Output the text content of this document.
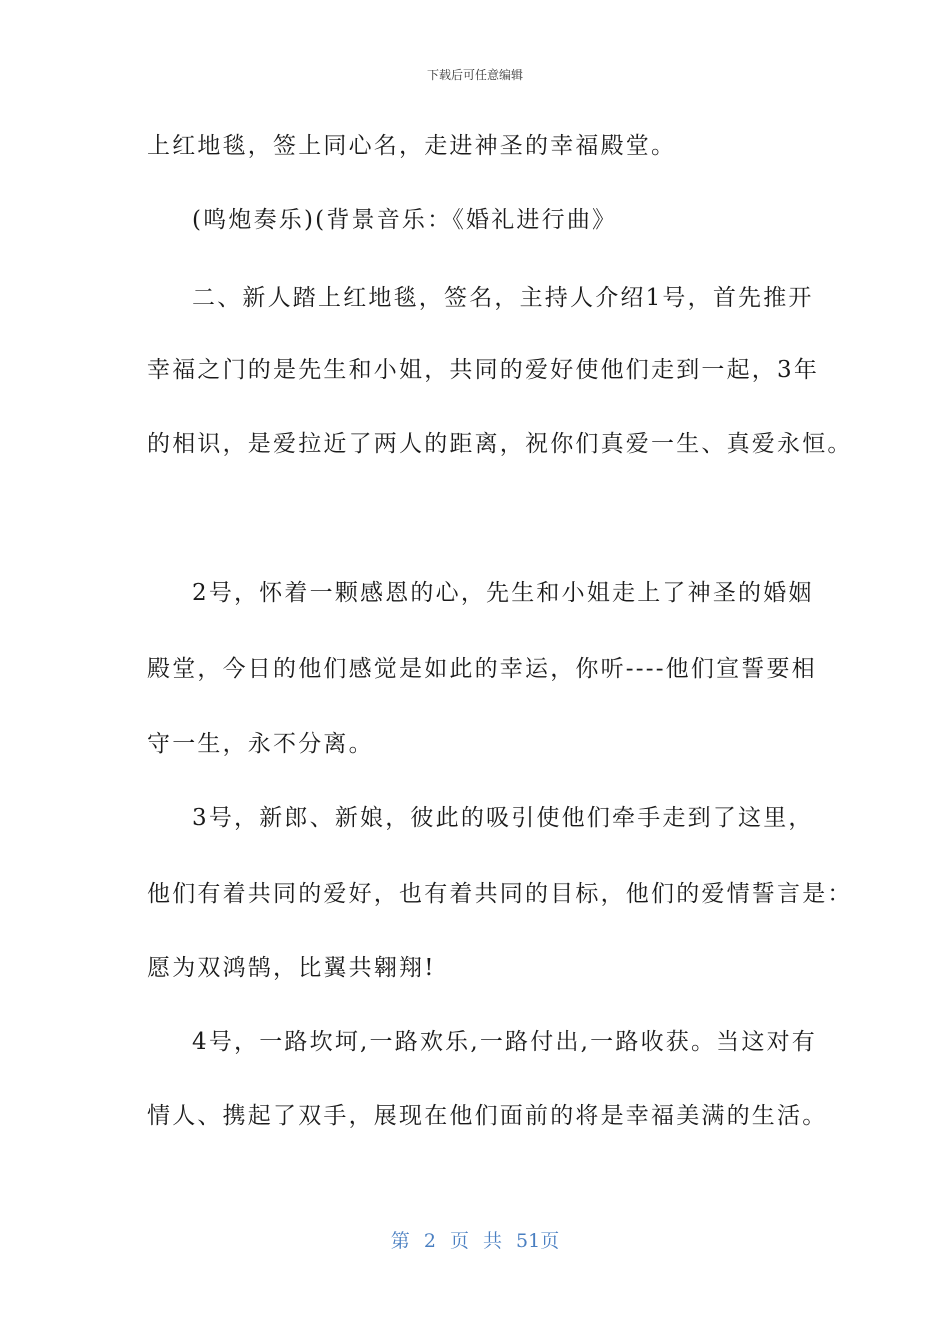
下载后可任意编辑
上红地毯，签上同心名，走进神圣的幸福殿堂。
(鸣炮奏乐)(背景音乐：《婚礼进行曲》
二、新人踏上红地毯，签名，主持人介绍1号，首先推开
幸福之门的是先生和小姐，共同的爱好使他们走到一起，3年
的相识，是爱拉近了两人的距离，祝你们真爱一生、真爱永恒。
2号，怀着一颗感恩的心，先生和小姐走上了神圣的婚姻
殿堂，今日的他们感觉是如此的幸运，你听----他们宣誓要相
守一生，永不分离。
3号，新郎、新娘，彼此的吸引使他们牵手走到了这里，
他们有着共同的爱好，也有着共同的目标，他们的爱情誓言是：
愿为双鸿鹄，比翼共翱翔!
4号，一路坎坷,一路欢乐,一路付出,一路收获。当这对有
情人、携起了双手，展现在他们面前的将是幸福美满的生活。
第 2 页 共 51页
